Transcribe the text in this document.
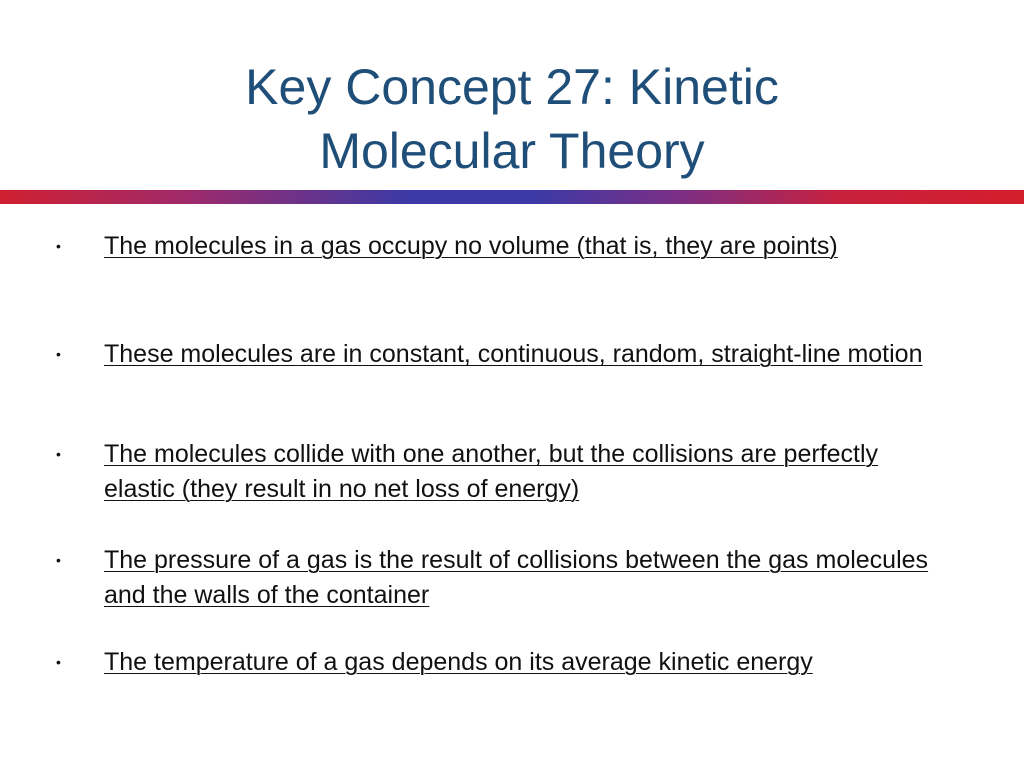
Key Concept 27: Kinetic
Molecular Theory
• The molecules in a gas occupy no volume (that is, they are points)
• These molecules are in constant, continuous, random, straight-line motion
• The molecules collide with one another, but the collisions are perfectly elastic (they result in no net loss of energy)
• The pressure of a gas is the result of collisions between the gas molecules and the walls of the container
• The temperature of a gas depends on its average kinetic energy
